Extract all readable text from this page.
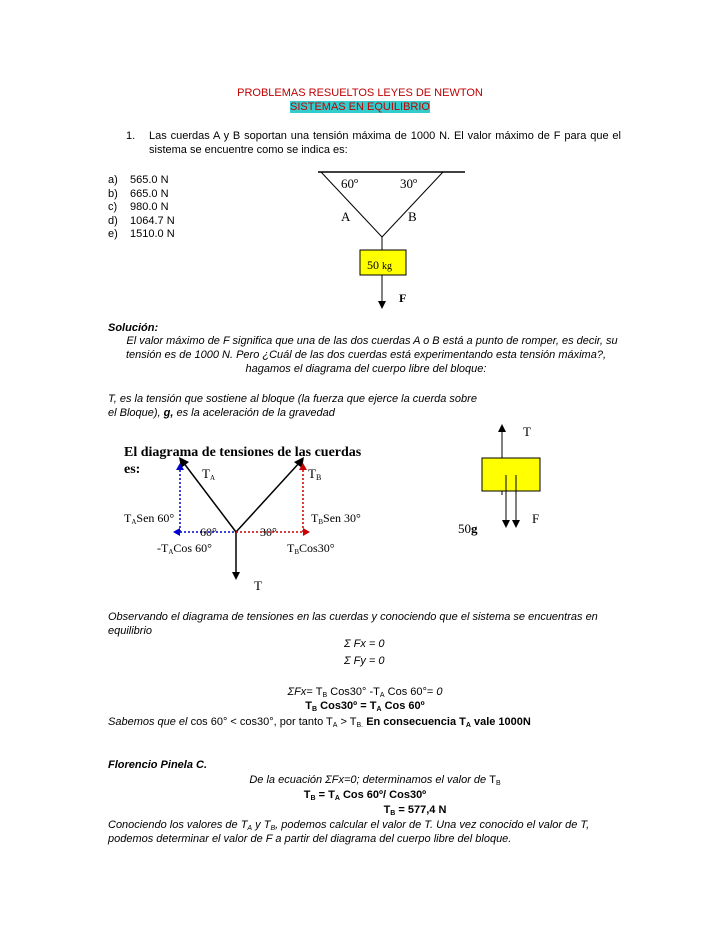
PROBLEMAS RESUELTOS LEYES DE NEWTON
SISTEMAS EN EQUILIBRIO
1. Las cuerdas A y B soportan una tensión máxima de 1000 N. El valor máximo de F para que el sistema se encuentre como se indica es:
a) 565.0 N
b) 665.0 N
c) 980.0 N
d) 1064.7 N
e) 1510.0 N
60º	30º
A	B
50 kg
F
Solución:
El valor máximo de F significa que una de las dos cuerdas A o B está a punto de romper, es decir, su tensión es de 1000 N. Pero ¿Cuál de las dos cuerdas está experimentando esta tensión máxima?, hagamos el diagrama del cuerpo libre del bloque:
T, es la tensión que sostiene al bloque (la fuerza que ejerce la cuerda sobre el Bloque), g, es la aceleración de la gravedad
El diagrama de tensiones de las cuerdas
es:	TA	TB
TASen 60°	TBSen 30°
60°	30°
-TACos 60°	TBCos30°
T
T
50g
F
Observando el diagrama de tensiones en las cuerdas y conociendo que el sistema se encuentras en equilibrio
Σ Fx = 0
Σ Fy = 0
$\Sigma Fx= T_B$ Cos30° $-T_A$ Cos 60°= 0
$T_B$ Cos30º = $T_A$ Cos 60º
Sabemos que el cos 60° < cos30°, por tanto $T_A > T_{B.}$ En consecuencia $T_A$ vale 1000N
Florencio Pinela C.
De la ecuación ΣFx=0; determinamos el valor de $T_B$
$T_B = T_A$ Cos 60º/ Cos30º
$T_B = 577,4$ N
Conociendo los valores de $T_A$ y $T_B$, podemos calcular el valor de T. Una vez conocido el valor de T, podemos determinar el valor de F a partir del diagrama del cuerpo libre del bloque.
